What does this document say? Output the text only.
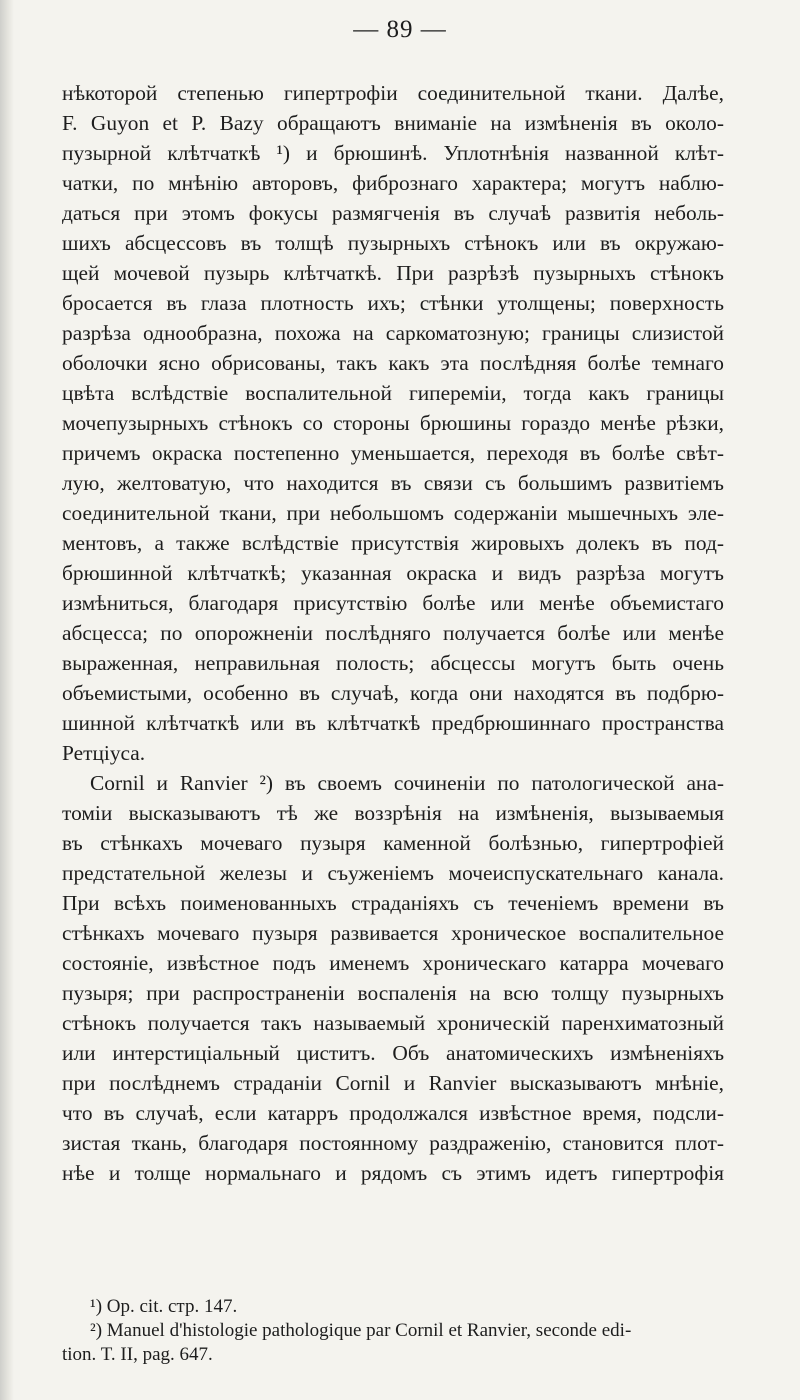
— 89 —
нѣкоторой степенью гипертрофіи соединительной ткани. Далѣе,
F. Guyon et P. Bazy обращаютъ вниманіе на измѣненія въ около-
пузырной клѣтчаткѣ ¹) и брюшинѣ. Уплотнѣнія названной клѣт-
чатки, по мнѣнію авторовъ, фибрознаго характера; могутъ наблю-
даться при этомъ фокусы размягченія въ случаѣ развитія неболь-
шихъ абсцессовъ въ толщѣ пузырныхъ стѣнокъ или въ окружаю-
щей мочевой пузырь клѣтчаткѣ. При разрѣзѣ пузырныхъ стѣнокъ
бросается въ глаза плотность ихъ; стѣнки утолщены; поверхность
разрѣза однообразна, похожа на саркоматозную; границы слизистой
оболочки ясно обрисованы, такъ какъ эта послѣдняя болѣе темнаго
цвѣта вслѣдствіе воспалительной гипереміи, тогда какъ границы
мочепузырныхъ стѣнокъ со стороны брюшины гораздо менѣе рѣзки,
причемъ окраска постепенно уменьшается, переходя въ болѣе свѣт-
лую, желтоватую, что находится въ связи съ большимъ развитіемъ
соединительной ткани, при небольшомъ содержаніи мышечныхъ эле-
ментовъ, а также вслѣдствіе присутствія жировыхъ долекъ въ под-
брюшинной клѣтчаткѣ; указанная окраска и видъ разрѣза могутъ
измѣниться, благодаря присутствію болѣе или менѣе объемистаго
абсцесса; по опорожненіи послѣдняго получается болѣе или менѣе
выраженная, неправильная полость; абсцессы могутъ быть очень
объемистыми, особенно въ случаѣ, когда они находятся въ подбрю-
шинной клѣтчаткѣ или въ клѣтчаткѣ предбрюшиннаго пространства
Ретціуса.
Cornil и Ranvier ²) въ своемъ сочиненіи по патологической ана-
томіи высказываютъ тѣ же воззрѣнія на измѣненія, вызываемыя
въ стѣнкахъ мочеваго пузыря каменной болѣзнью, гипертрофіей
предстательной железы и съуженіемъ мочеиспускательнаго канала.
При всѣхъ поименованныхъ страданіяхъ съ теченіемъ времени въ
стѣнкахъ мочеваго пузыря развивается хроническое воспалительное
состояніе, извѣстное подъ именемъ хроническаго катарра мочеваго
пузыря; при распространеніи воспаленія на всю толщу пузырныхъ
стѣнокъ получается такъ называемый хроническій паренхиматозный
или интерстиціальный циститъ. Объ анатомическихъ измѣненіяхъ
при послѣднемъ страданіи Cornil и Ranvier высказываютъ мнѣніе,
что въ случаѣ, если катарръ продолжался извѣстное время, подсли-
зистая ткань, благодаря постоянному раздраженію, становится плот-
нѣе и толще нормальнаго и рядомъ съ этимъ идетъ гипертрофія
¹) Op. cit. стр. 147.
²) Manuel d'histologie pathologique par Cornil et Ranvier, seconde edi-
tion. T. II, pag. 647.
